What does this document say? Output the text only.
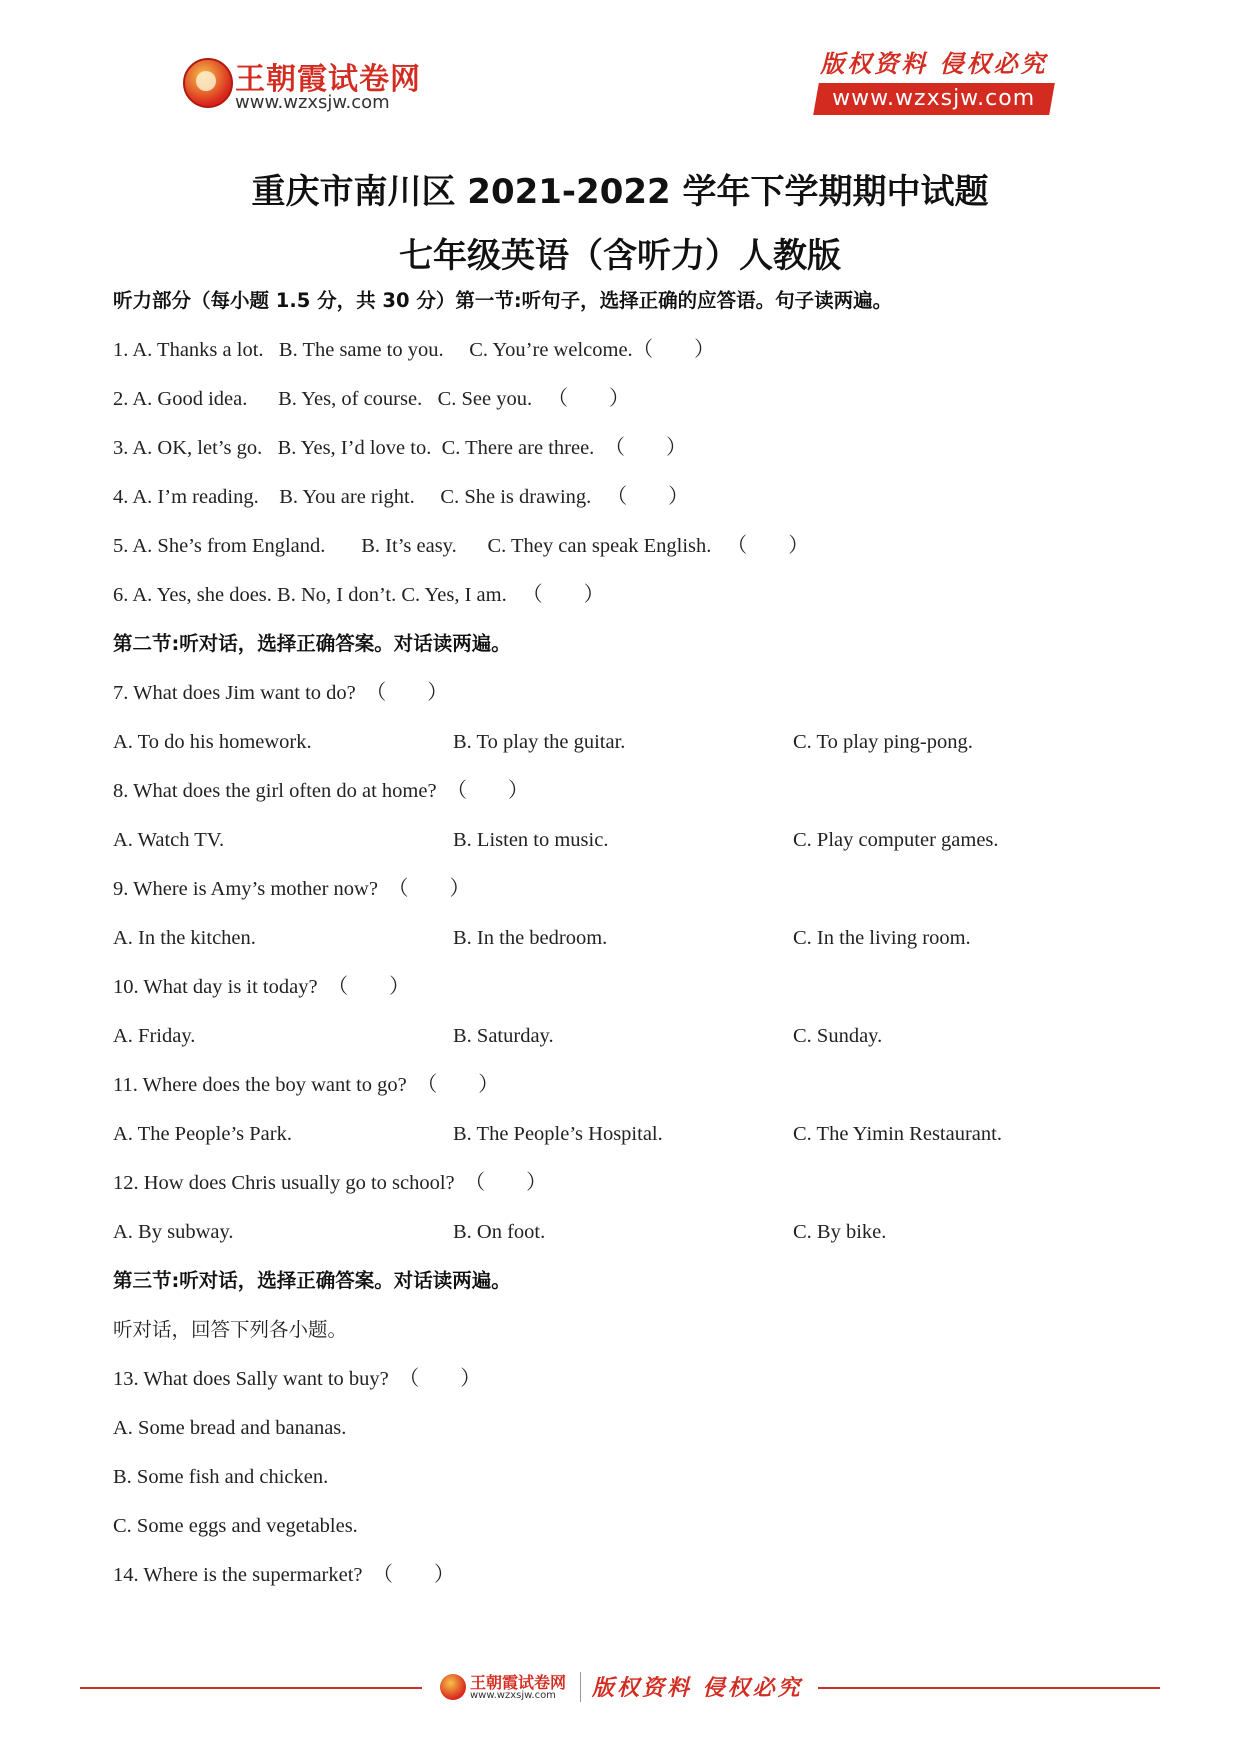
王朝霞试卷网
www.wzxsjw.com
版权资料 侵权必究
www.wzxsjw.com
重庆市南川区 2021-2022 学年下学期期中试题
七年级英语（含听力）人教版
听力部分（每小题 1.5 分，共 30 分）第一节:听句子，选择正确的应答语。句子读两遍。
1. A. Thanks a lot.   B. The same to you.     C. You’re welcome.（        ）
2. A. Good idea.      B. Yes, of course.   C. See you.   （        ）
3. A. OK, let’s go.   B. Yes, I’d love to.  C. There are three.  （        ）
4. A. I’m reading.    B. You are right.     C. She is drawing.   （        ）
5. A. She’s from England.       B. It’s easy.      C. They can speak English.   （        ）
6. A. Yes, she does. B. No, I don’t. C. Yes, I am.   （        ）
第二节:听对话，选择正确答案。对话读两遍。
7. What does Jim want to do? （        ）
A. To do his homework.	B. To play the guitar.	C. To play ping-pong.
8. What does the girl often do at home? （        ）
A. Watch TV.	B. Listen to music.	C. Play computer games.
9. Where is Amy’s mother now? （        ）
A. In the kitchen.	B. In the bedroom.	C. In the living room.
10. What day is it today? （        ）
A. Friday.	B. Saturday.	C. Sunday.
11. Where does the boy want to go? （        ）
A. The People’s Park.	B. The People’s Hospital.	C. The Yimin Restaurant.
12. How does Chris usually go to school? （        ）
A. By subway.	B. On foot.	C. By bike.
第三节:听对话，选择正确答案。对话读两遍。
听对话，回答下列各小题。
13. What does Sally want to buy? （        ）
A. Some bread and bananas.
B. Some fish and chicken.
C. Some eggs and vegetables.
14. Where is the supermarket? （        ）
王朝霞试卷网
www.wzxsjw.com 版权资料 侵权必究
